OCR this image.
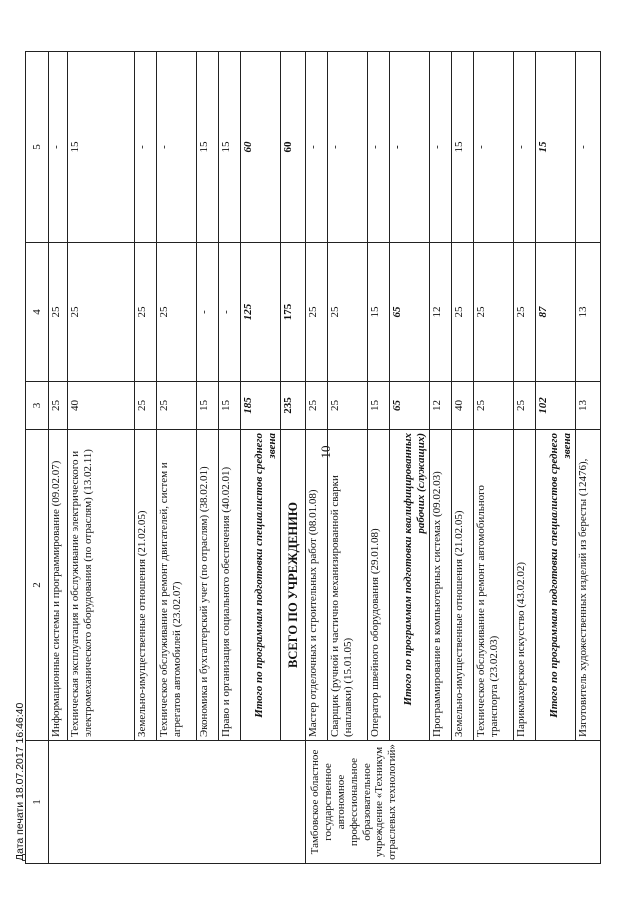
10
1	2	3	4	5
	Информационные системы и программирование (09.02.07)	25	25	-
	Техническая эксплуатация и обслуживание электрического и электромеханического оборудования (по отраслям) (13.02.11)	40	25	15
	Земельно-имущественные отношения (21.02.05)	25	25	-
	Техническое обслуживание и ремонт двигателей, систем и агрегатов автомобилей (23.02.07)	25	25	-
	Экономика и бухгалтерский учет (по отраслям) (38.02.01)	15	-	15
	Право и организация социального обеспечения (40.02.01)	15	-	15
	Итого по программам подготовки специалистов среднего звена	185	125	60
	ВСЕГО ПО УЧРЕЖДЕНИЮ	235	175	60
Тамбовское областное государственное автономное профессиональное образовательное учреждение «Техникум отраслевых технологий»	Мастер отделочных и строительных работ (08.01.08)	25	25	-
	Сварщик (ручной и частично механизированной сварки (наплавки) (15.01.05)	25	25	-
	Оператор швейного оборудования (29.01.08)	15	15	-
	Итого по программам подготовки квалифицированных рабочих (служащих)	65	65	-
	Программирование в компьютерных системах (09.02.03)	12	12	-
	Земельно-имущественные отношения (21.02.05)	40	25	15
	Техническое обслуживание и ремонт автомобильного транспорта (23.02.03)	25	25	-
	Парикмахерское искусство (43.02.02)	25	25	-
	Итого по программам подготовки специалистов среднего звена	102	87	15
	Изготовитель художественных изделий из бересты (12476),	13	13	-
Дата печати 18.07.2017 16:46:40
